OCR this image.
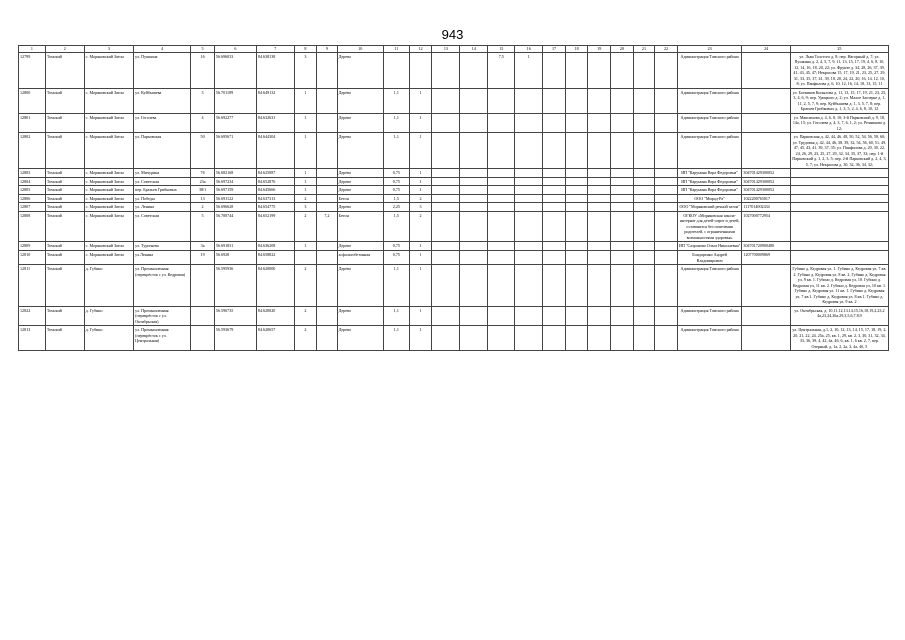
943
1	2	3	4	5	6	7	8	9	10	11	12	13	14	15	16	17	18	19	20	21	22	23	24	25
12799	Томский	с. Моряковский Затон	ул. Пушкина	16	56.696033	84.638138	3		Дерево					7,5	1							Администрация Томского района		ул. Льва Толстого д. 8; пер. Нагорный д. 7; ул. Пушкина д. 2, 4, 5, 7, 9, 11, 13, 15, 17, 19, 4, 6, 8, 10, 12, 14, 16, 18, 20, 22; ул. Фрунзе д. 34, 28, 26, 37, 39, 41, 43, 45, 47; Некрасова 15, 17, 19, 21, 23, 25, 27, 29, 31, 33, 35, 37, 41, 39, 18, 20, 24, 22, 20, 16, 14, 12, 10, 8; ул. Панфилова д. 6, 10, 12, 16, 14, 18, 13, 15, 11
12800	Томский	с. Моряковский Затон	ул. Куйбышева	3	56.701189	84.649132	1		Дерево	1,1	1											Администрация Томского района		ул. Боевиков Копылова д. 11, 13, 15, 17, 19, 21, 23, 25, 3, 4, 6, 9; пер. Урицкого д. 2; ул. Малое Заозерье д. 1, 11, 2, 5, 7, 9; пер. Куйбышева д. 1, 3, 5, 7, 8; пер. Братьев Грибковых д. 1, 3, 5, 2, 4, 6, 8, 10, 12
12801	Томский	с. Моряковский Затон	ул. Гоголева	4	56.692277	84.632631	1		Дерево	1,1	1											Администрация Томского района		ул. Максимова д. 4, 6, 8, 10; 3-й Парковский д. 9, 18, 14а, 15; ул. Гоголева д. 4, 3, 7, 6, 1, 2; ул. Речникова д. 12;
12802	Томский	с. Моряковский Затон	ул. Парковская	50	56.695671	84.644304	1		Дерево	1,1	1											Администрация Томского района		ул. Парковская д. 42, 44, 46, 48, 50, 52, 54, 56, 58, 60; ул. Трудовая д. 42, 44, 46, 38, 39, 32, 54, 56, 60, 51, 49, 47, 45, 43, 41, 39, 37, 35; ул. Панфилова д. 20, 30, 22, 24, 26, 29, 23, 25, 27, 29, 32, 34, 35, 37, 33; пер. 1-й Парковский д. 1, 2, 3, 5; пер. 2-й Парковский д. 2, 4, 3, 5, 7; ул. Некрасова д. 30, 32, 36, 34, 32;
12803	Томский	с. Моряковский Затон	ул. Мичурина	76	56.682168	84.625087	1		Дерево	0,75	1											ИП "Карунина Вера Федоровна"	304701429300052	
12804	Томский	с. Моряковский Затон	ул. Советская	23а	56.697234	84.652876	1		Дерево	0,75	1											ИП "Карунина Вера Федоровна"	304701429300052	
12805	Томский	с. Моряковский Затон	пер. Братьев Грибковых	38/1	56.697159	84.645666	1		Дерево	0,75	1											ИП "Карунина Вера Федоровна"	304701429300052	
12806	Томский	с. Моряковский Затон	ул. Победы	13	56.691122	84.637313	2		Бетон	1,5	2											ООО "Мирод-Ра"	1022200765017	
12807	Томский	с. Моряковский Затон	ул. Ленина	2	56.696628	84.654775	3		Дерево	2,25	3											ООО "Моряковский речной затон"	1117014002434	
12808	Томский	с. Моряковский Затон	ул. Советская	5	56.700744	84.652199	2	7,2	Бетон	1,5	2											ОГКОУ «Моряковская школа-интернат для детей-сирот и детей, оставшихся без попечения родителей, с ограниченными возможностями здоровья»	1027000772954	
12809	Томский	с. Моряковский Затон	ул. Тургенева	3а	56.691831	84.636208	1		Дерево	0,75	1											ИП "Сазронова Ольга Николаевна"	304701720900480	
12810	Томский	с. Моряковский Затон	ул.Ленина	19	56.6928	84.658822			асфальтобетонная	0,75	1											Бондаренко Андрей Владимирович	1207700009869	
12811	Томский	д. Губино	ул. Промышленная (перекрёсток с ул. Кедровая)		56.595936	84.620000	2		Дерево	1,1	1											Администрация Томского района		Губино д. Кедровая ул, 1. Губино д. Кедровая ул, 7 кв. 2. Губино д. Кедровая ул, 8 кв. 2. Губино д. Кедровая ул, 9 кв. 1. Губино д. Кедровая ул, 10. Губино д. Кедровая ул, 11 кв. 2. Губино д. Кедровая ул, 10 кв. 1. Губино д. Кедровая ул, 11 кв. 1. Губино д. Кедровая ул, 7 кв.1. Губино д. Кедровая ул, 8 кв.1. Губино д. Кедровая ул, 9 кв. 2
12822	Томский	д. Губино	ул. Промышленная (перекрёсток с ул. Октябрьская)		56.596735	84.620020	2		Дерево	1,1	1											Администрация Томского района		ул. Октябрьская, д. 10,11,12,13,14,15,16,18,19,2,23,2 4а,23,24,26а,29,3,5,6,7,8,9
12813	Томский	д. Губино	ул. Промышленная (перекрёсток с ул. Центральная)		56.593679	84.620657	2		Дерево	1,1	1											Администрация Томского района		ул. Центральная, д.1, 2, 10, 12, 13, 14, 15, 17, 18, 19, 2, 20, 21, 22, 24, 25а, 25, кв. 1, 29, кв. 2, 3, 30, 31, 32, 34, 33, 36, 39, 4, 42, 4а, 46, 6, кв. 1, 6 кв. 2, 7, пер. Озерный, д. 1а, 2, 2а, 3, 4а, 4б, 5
